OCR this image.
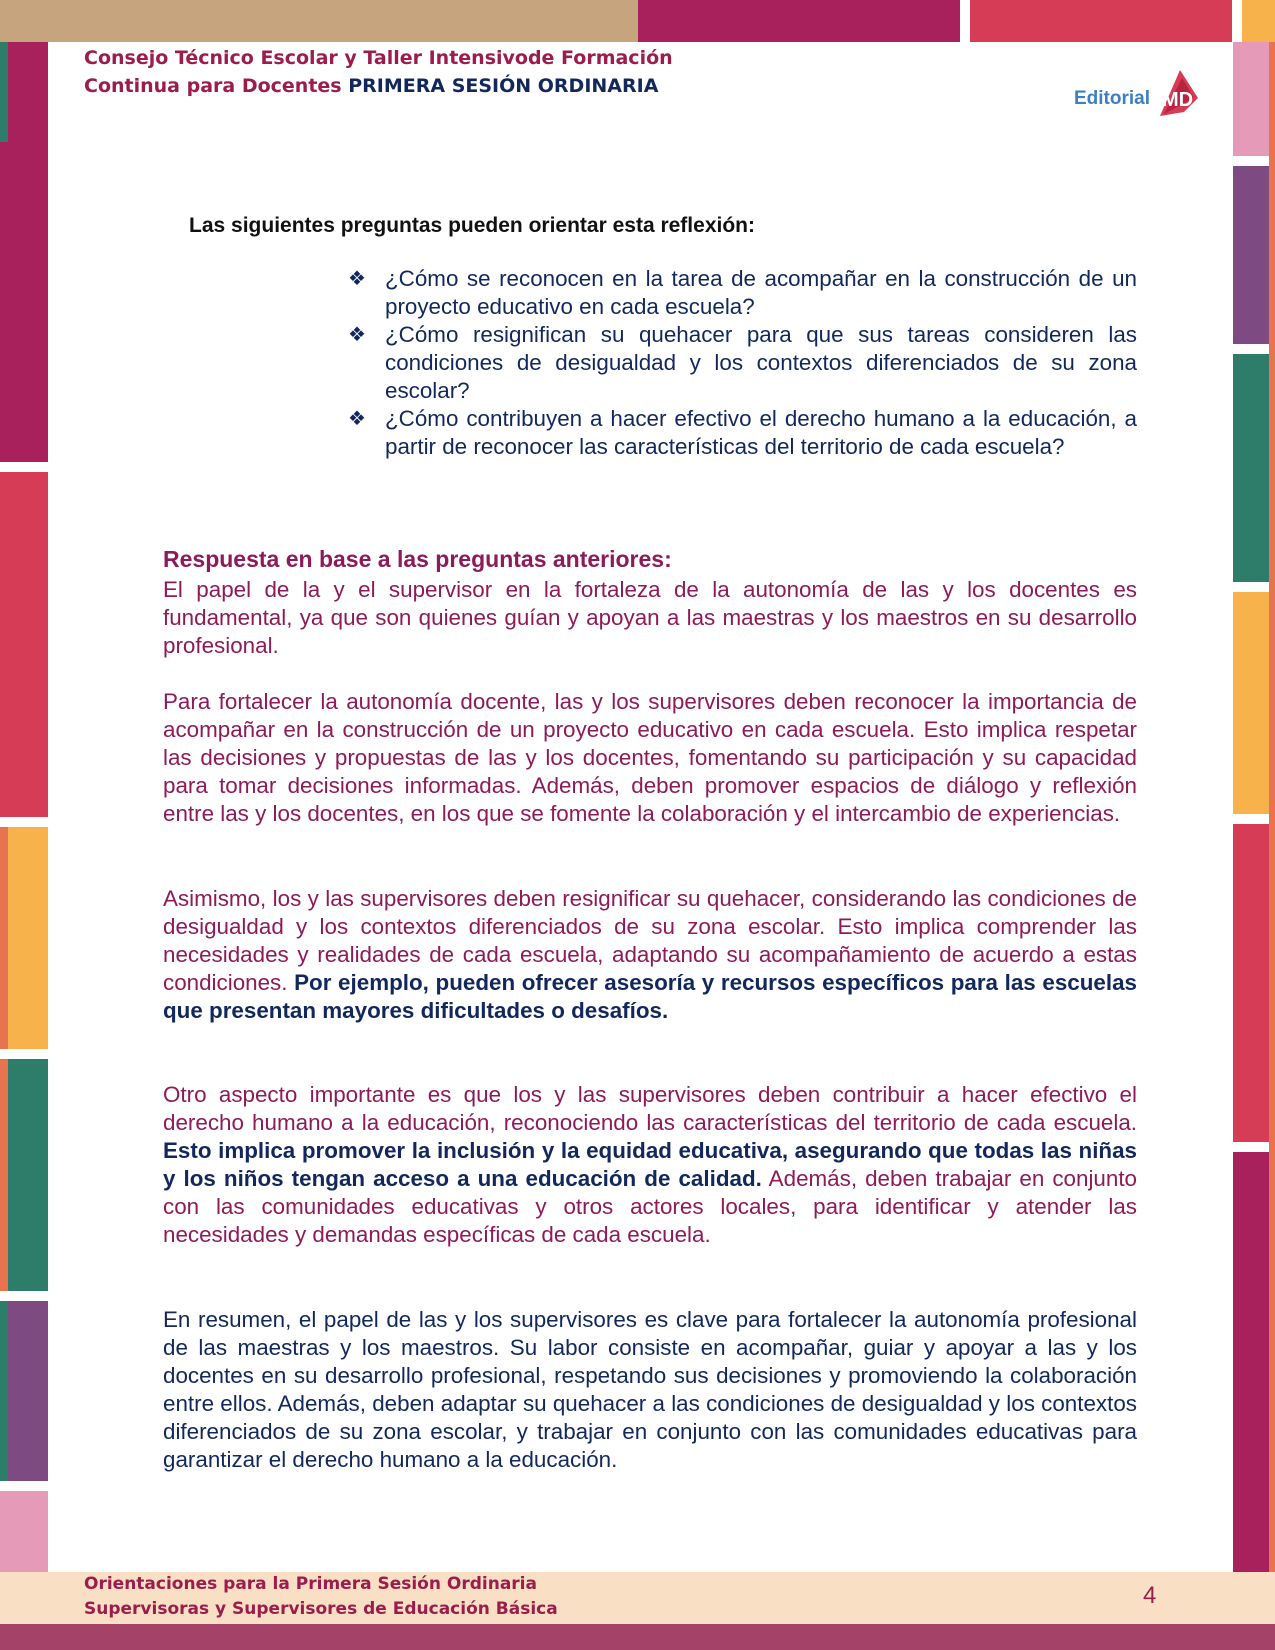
Consejo Técnico Escolar y Taller Intensivode Formación
Continua para Docentes PRIMERA SESIÓN ORDINARIA
Editorial MD
Las siguientes preguntas pueden orientar esta reflexión:
❖ ¿Cómo se reconocen en la tarea de acompañar en la construcción de un proyecto educativo en cada escuela?
❖ ¿Cómo resignifican su quehacer para que sus tareas consideren las condiciones de desigualdad y los contextos diferenciados de su zona escolar?
❖ ¿Cómo contribuyen a hacer efectivo el derecho humano a la educación, a partir de reconocer las características del territorio de cada escuela?
Respuesta en base a las preguntas anteriores:

El papel de la y el supervisor en la fortaleza de la autonomía de las y los docentes es fundamental, ya que son quienes guían y apoyan a las maestras y los maestros en su desarrollo profesional.

Para fortalecer la autonomía docente, las y los supervisores deben reconocer la importancia de acompañar en la construcción de un proyecto educativo en cada escuela. Esto implica respetar las decisiones y propuestas de las y los docentes, fomentando su participación y su capacidad para tomar decisiones informadas. Además, deben promover espacios de diálogo y reflexión entre las y los docentes, en los que se fomente la colaboración y el intercambio de experiencias.

Asimismo, los y las supervisores deben resignificar su quehacer, considerando las condiciones de desigualdad y los contextos diferenciados de su zona escolar. Esto implica comprender las necesidades y realidades de cada escuela, adaptando su acompañamiento de acuerdo a estas condiciones. Por ejemplo, pueden ofrecer asesoría y recursos específicos para las escuelas que presentan mayores dificultades o desafíos.

Otro aspecto importante es que los y las supervisores deben contribuir a hacer efectivo el derecho humano a la educación, reconociendo las características del territorio de cada escuela. Esto implica promover la inclusión y la equidad educativa, asegurando que todas las niñas y los niños tengan acceso a una educación de calidad. Además, deben trabajar en conjunto con las comunidades educativas y otros actores locales, para identificar y atender las necesidades y demandas específicas de cada escuela.

En resumen, el papel de las y los supervisores es clave para fortalecer la autonomía profesional de las maestras y los maestros. Su labor consiste en acompañar, guiar y apoyar a las y los docentes en su desarrollo profesional, respetando sus decisiones y promoviendo la colaboración entre ellos. Además, deben adaptar su quehacer a las condiciones de desigualdad y los contextos diferenciados de su zona escolar, y trabajar en conjunto con las comunidades educativas para garantizar el derecho humano a la educación.

Orientaciones para la Primera Sesión Ordinaria
Supervisoras y Supervisores de Educación Básica	4
